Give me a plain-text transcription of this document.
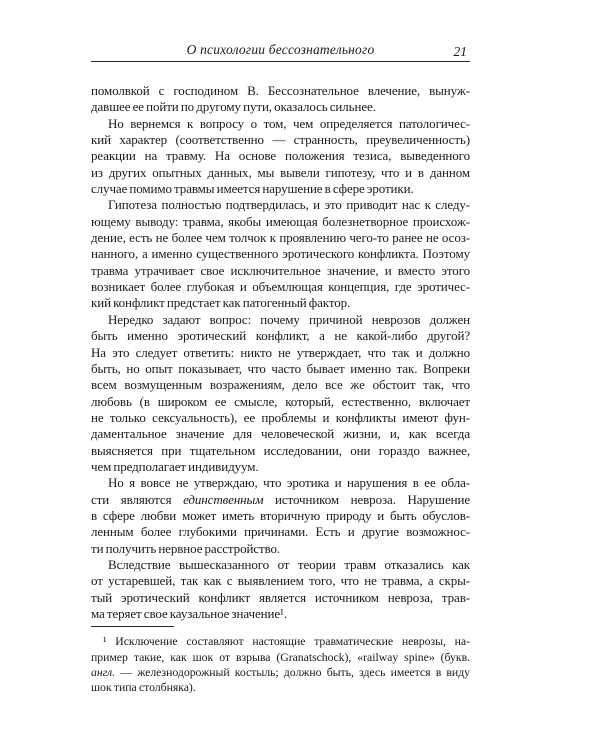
О психологии бессознательного	21
помолвкой с господином В. Бессознательное влечение, вынуж-
давшее ее пойти по другому пути, оказалось сильнее.
Но вернемся к вопросу о том, чем определяется патологичес-
кий характер (соответственно — странность, преувеличенность)
реакции на травму. На основе положения тезиса, выведенного
из других опытных данных, мы вывели гипотезу, что и в данном
случае помимо травмы имеется нарушение в сфере эротики.
Гипотеза полностью подтвердилась, и это приводит нас к следу-
ющему выводу: травма, якобы имеющая болезнетворное происхож-
дение, есть не более чем толчок к проявлению чего-то ранее не осоз-
нанного, а именно существенного эротического конфликта. Поэтому
травма утрачивает свое исключительное значение, и вместо этого
возникает более глубокая и объемлющая концепция, где эротичес-
кий конфликт предстает как патогенный фактор.
Нередко задают вопрос: почему причиной неврозов должен
быть именно эротический конфликт, а не какой-либо другой?
На это следует ответить: никто не утверждает, что так и должно
быть, но опыт показывает, что часто бывает именно так. Вопреки
всем возмущенным возражениям, дело все же обстоит так, что
любовь (в широком ее смысле, который, естественно, включает
не только сексуальность), ее проблемы и конфликты имеют фун-
даментальное значение для человеческой жизни, и, как всегда
выясняется при тщательном исследовании, они гораздо важнее,
чем предполагает индивидуум.
Но я вовсе не утверждаю, что эротика и нарушения в ее обла-
сти являются единственным источником невроза. Нарушение
в сфере любви может иметь вторичную природу и быть обуслов-
ленным более глубокими причинами. Есть и другие возможнос-
ти получить нервное расстройство.
Вследствие вышесказанного от теории травм отказались как
от устаревшей, так как с выявлением того, что не травма, а скры-
тый эротический конфликт является источником невроза, трав-
ма теряет свое каузальное значение¹.
¹ Исключение составляют настоящие травматические неврозы, на-
пример такие, как шок от взрыва (Granatschock), «railway spine» (букв.
англ. — железнодорожный костыль; должно быть, здесь имеется в виду
шок типа столбняка).
